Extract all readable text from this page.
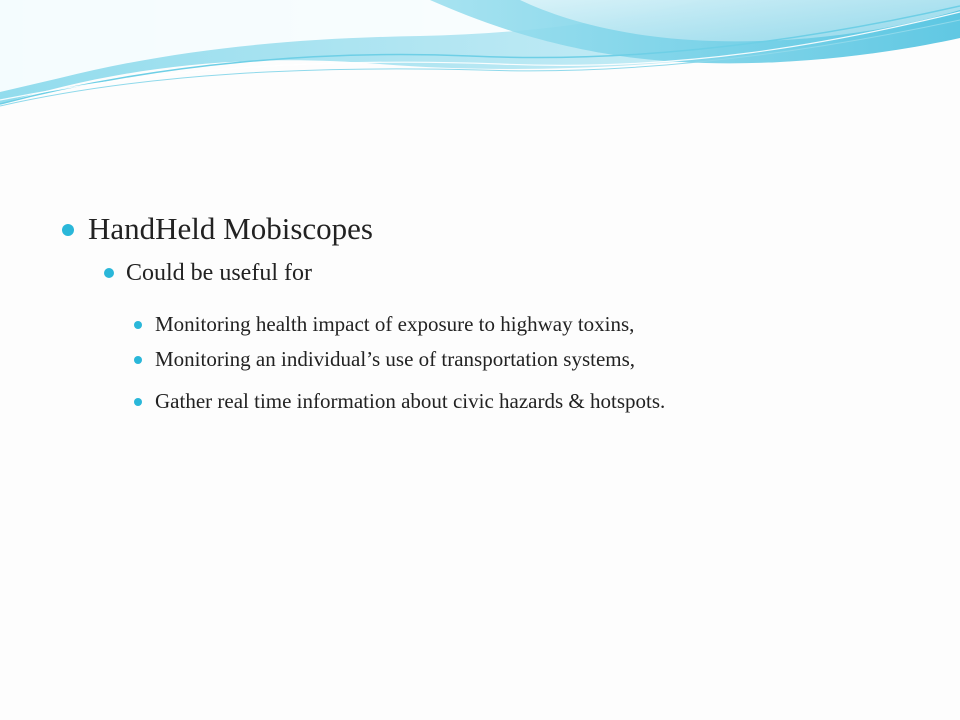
HandHeld Mobiscopes
Could be useful for
Monitoring health impact of exposure to highway toxins,
Monitoring an individual’s use of transportation systems,
Gather real time information about civic hazards & hotspots.
